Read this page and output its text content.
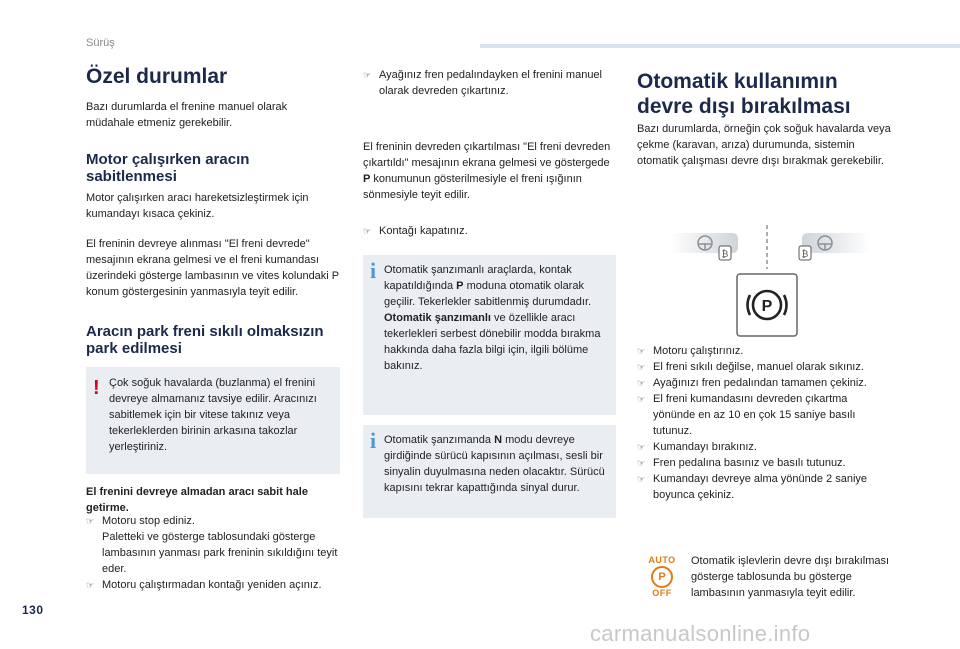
Sürüş
Özel durumlar
Bazı durumlarda el frenine manuel olarak müdahale etmeniz gerekebilir.
Motor çalışırken aracın sabitlenmesi
Motor çalışırken aracı hareketsizleştirmek için kumandayı kısaca çekiniz.
El freninin devreye alınması "El freni devrede" mesajının ekrana gelmesi ve el freni kumandası üzerindeki gösterge lambasının ve vites kolundaki P konum göstergesinin yanmasıyla teyit edilir.
Aracın park freni sıkılı olmaksızın park edilmesi
! Çok soğuk havalarda (buzlanma) el frenini devreye almamanız tavsiye edilir. Aracınızı sabitlemek için bir vitese takınız veya tekerleklerden birinin arkasına takozlar yerleştiriniz.
El frenini devreye almadan aracı sabit hale getirme.
☞ Motoru stop ediniz.
Paletteki ve gösterge tablosundaki gösterge lambasının yanması park freninin sıkıldığını teyit eder.
☞ Motoru çalıştırmadan kontağı yeniden açınız.
☞ Ayağınız fren pedalındayken el frenini manuel olarak devreden çıkartınız.
El freninin devreden çıkartılması "El freni devreden çıkartıldı" mesajının ekrana gelmesi ve göstergede P konumunun gösterilmesiyle el freni ışığının sönmesiyle teyit edilir.
☞ Kontağı kapatınız.
i Otomatik şanzımanlı araçlarda, kontak kapatıldığında P moduna otomatik olarak geçilir. Tekerlekler sabitlenmiş durumdadır.
Otomatik şanzımanlı ve özellikle aracı tekerlekleri serbest dönebilir modda bırakma hakkında daha fazla bilgi için, ilgili bölüme bakınız.
i Otomatik şanzımanda N modu devreye girdiğinde sürücü kapısının açılması, sesli bir sinyalin duyulmasına neden olacaktır. Sürücü kapısını tekrar kapattığında sinyal durur.
Otomatik kullanımın devre dışı bırakılması
Bazı durumlarda, örneğin çok soğuk havalarda veya çekme (karavan, arıza) durumunda, sistemin otomatik çalışması devre dışı bırakmak gerekebilir.
₿	₿
P
☞ Motoru çalıştırınız.
☞ El freni sıkılı değilse, manuel olarak sıkınız.
☞ Ayağınızı fren pedalından tamamen çekiniz.
☞ El freni kumandasını devreden çıkartma yönünde en az 10 en çok 15 saniye basılı tutunuz.
☞ Kumandayı bırakınız.
☞ Fren pedalına basınız ve basılı tutunuz.
☞ Kumandayı devreye alma yönünde 2 saniye boyunca çekiniz.
AUTO
P
OFF
Otomatik işlevlerin devre dışı bırakılması gösterge tablosunda bu gösterge lambasının yanmasıyla teyit edilir.
130
carmanualsonline.info
